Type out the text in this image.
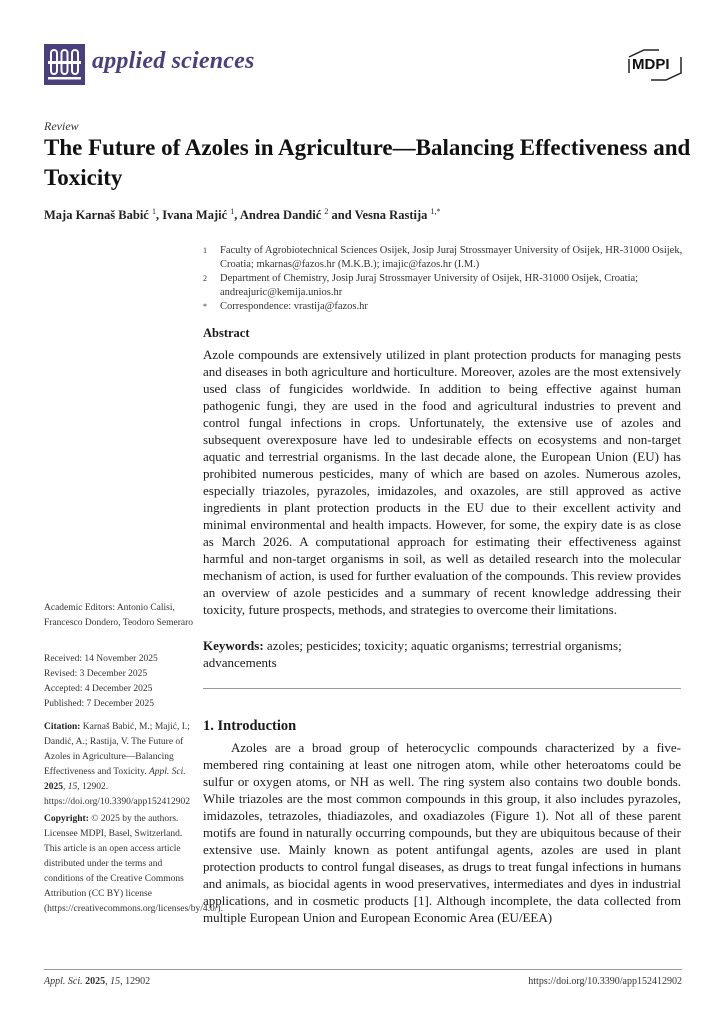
applied sciences	MDPI
Review
The Future of Azoles in Agriculture—Balancing Effectiveness and Toxicity
Maja Karnaš Babić $^1$, Ivana Majić $^1$, Andrea Dandić $^2$ and Vesna Rastija $^{1,*}$
1	Faculty of Agrobiotechnical Sciences Osijek, Josip Juraj Strossmayer University of Osijek, HR-31000 Osijek, Croatia; mkarnas@fazos.hr (M.K.B.); imajic@fazos.hr (I.M.)
2	Department of Chemistry, Josip Juraj Strossmayer University of Osijek, HR-31000 Osijek, Croatia; andreajuric@kemija.unios.hr
*	Correspondence: vrastija@fazos.hr
Abstract
Azole compounds are extensively utilized in plant protection products for managing pests and diseases in both agriculture and horticulture. Moreover, azoles are the most extensively used class of fungicides worldwide. In addition to being effective against human pathogenic fungi, they are used in the food and agricultural industries to prevent and control fungal infections in crops. Unfortunately, the extensive use of azoles and subsequent overexposure have led to undesirable effects on ecosystems and non-target aquatic and terrestrial organisms. In the last decade alone, the European Union (EU) has prohibited numerous pesticides, many of which are based on azoles. Numerous azoles, especially triazoles, pyrazoles, imidazoles, and oxazoles, are still approved as active ingredients in plant protection products in the EU due to their excellent activity and minimal environmental and health impacts. However, for some, the expiry date is as close as March 2026. A computational approach for estimating their effectiveness against harmful and non-target organisms in soil, as well as detailed research into the molecular mechanism of action, is used for further evaluation of the compounds. This review provides an overview of azole pesticides and a summary of recent knowledge addressing their toxicity, future prospects, methods, and strategies to overcome their limitations.
Keywords: azoles; pesticides; toxicity; aquatic organisms; terrestrial organisms; advancements
1. Introduction
Azoles are a broad group of heterocyclic compounds characterized by a five-membered ring containing at least one nitrogen atom, while other heteroatoms could be sulfur or oxygen atoms, or NH as well. The ring system also contains two double bonds. While triazoles are the most common compounds in this group, it also includes pyrazoles, imidazoles, tetrazoles, thiadiazoles, and oxadiazoles (Figure 1). Not all of these parent motifs are found in naturally occurring compounds, but they are ubiquitous because of their extensive use. Mainly known as potent antifungal agents, azoles are used in plant protection products to control fungal diseases, as drugs to treat fungal infections in humans and animals, as biocidal agents in wood preservatives, intermediates and dyes in industrial applications, and in cosmetic products [1]. Although incomplete, the data collected from multiple European Union and European Economic Area (EU/EEA)
Academic Editors: Antonio Calisi, Francesco Dondero, Teodoro Semeraro
Received: 14 November 2025
Revised: 3 December 2025
Accepted: 4 December 2025
Published: 7 December 2025
Citation: Karnaš Babić, M.; Majić, I.; Dandić, A.; Rastija, V. The Future of Azoles in Agriculture—Balancing Effectiveness and Toxicity. Appl. Sci. 2025, 15, 12902. https://doi.org/10.3390/app152412902
Copyright: © 2025 by the authors. Licensee MDPI, Basel, Switzerland. This article is an open access article distributed under the terms and conditions of the Creative Commons Attribution (CC BY) license (https://creativecommons.org/licenses/by/4.0/).
Appl. Sci. 2025, 15, 12902	https://doi.org/10.3390/app152412902
